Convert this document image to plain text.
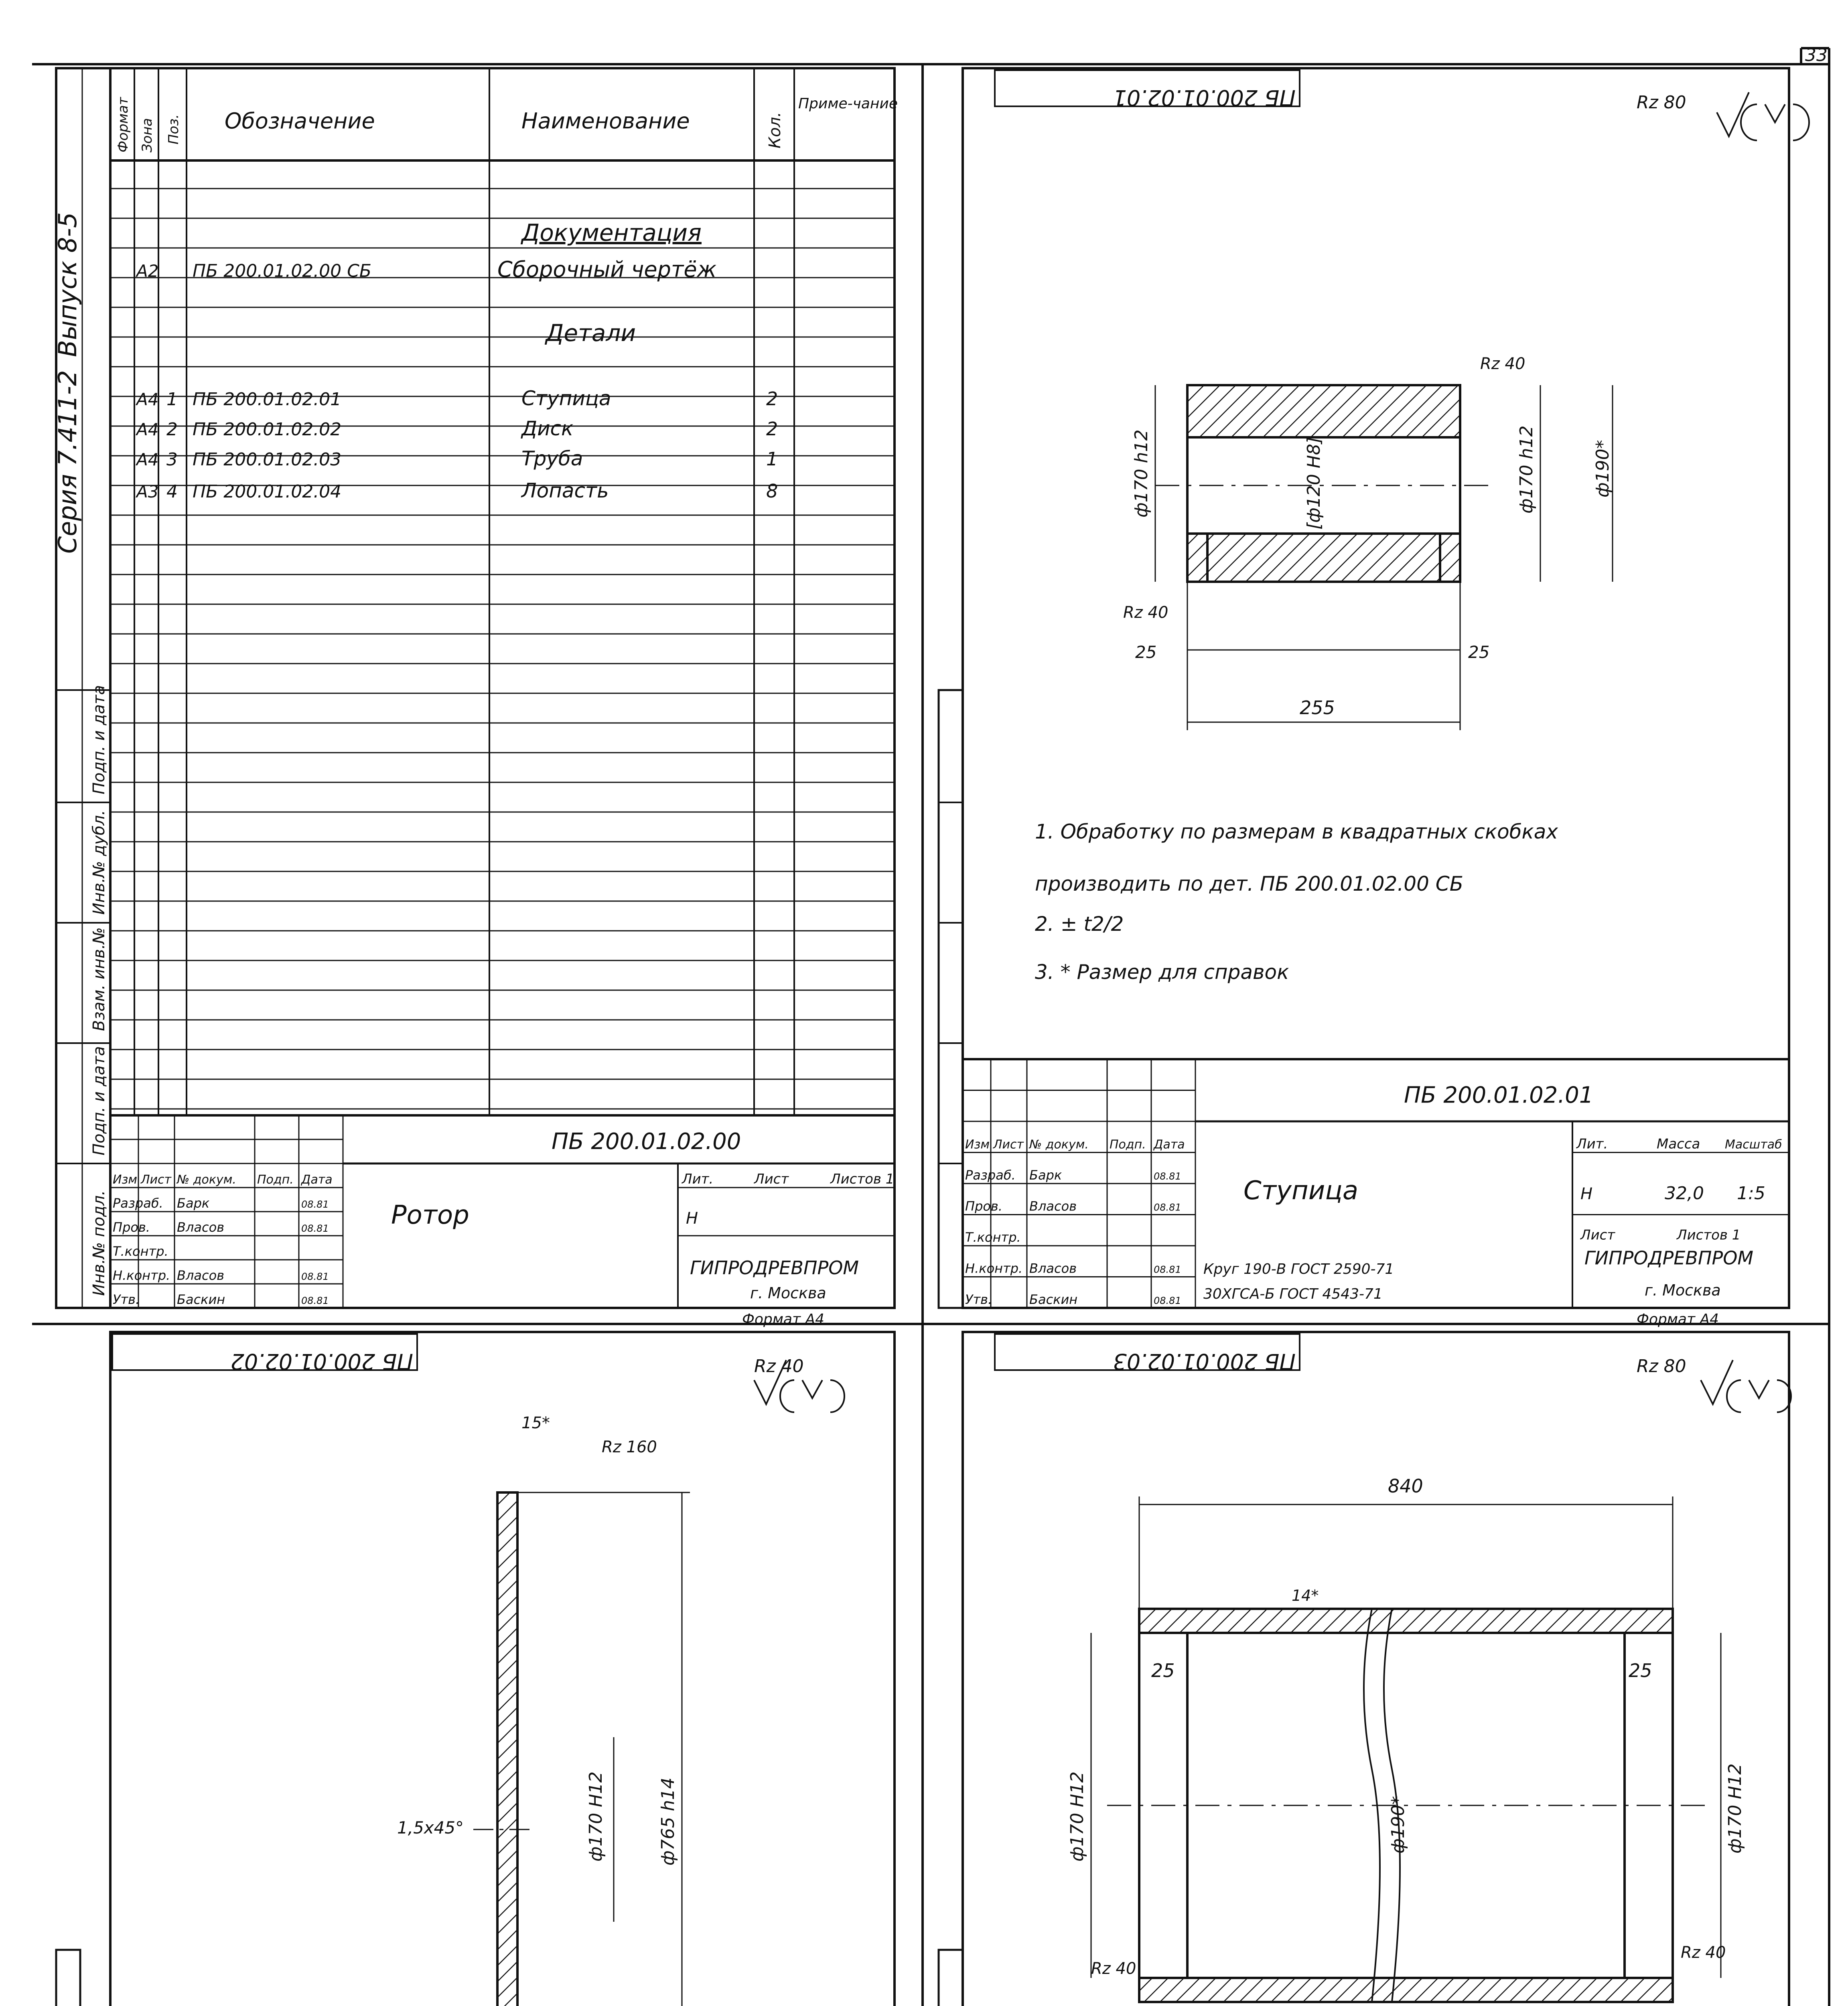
33
Выпуск 8-5
Серия 7.411-2
Инв.№ подл.
Подп. и дата
Взам. инв.№
Инв.№ дубл.
Подп. и дата
Формат Зона Поз. Обозначение	Наименование	Кол.
Приме-чание
Документация
А2 ПБ 200.01.02.00 СБ	Сборочный чертёж
Детали
А4 1 ПБ 200.01.02.01	Ступица	2
А4 2 ПБ 200.01.02.02	Диск	2
А4 3 ПБ 200.01.02.03	Труба	1
А3 4 ПБ 200.01.02.04	Лопасть	8
ПБ 200.01.02.01	Rz 80
ф170 h12	[ф120 Н8]	ф170 h12	ф190*
Rz 40
Rz 40
25	25
255
1. Обработку по размерам в квадратных скобках
производить по дет. ПБ 200.01.02.00 СБ
2. ± t2/2
3. * Размер для справок
ПБ 200.01.02.02	Rz 40
15*
Rz 160
ф170 Н12	ф765 h14
1,5х45°
ПБ 200.01.02.03	Rz 80
840
14*
25	25
ф170 Н12	ф190*	ф170 Н12
Rz 40
Rz 40
Изм Лист № докум. Подп. Дата
Разраб. Барк	08.81
Пров. Власов	08.81
Т.контр.
Н.контр. Власов	08.81
Утв.	Баскин	08.81
ПБ 200.01.02.00
Ротор
Лит.
Н
Лист	Листов 1
ГИПРОДРЕВПРОМ
г. Москва
Формат А4
Изм Лист № докум. Подп. Дата
Разраб. Барк	08.81
Пров. Власов	08.81
Т.контр.
Н.контр. Власов	08.81
Утв.	Баскин	08.81
ПБ 200.01.02.01
Ступица
Лит.
Н
Масса Масштаб
32,0 1:5
Лист	Листов 1
Круг 190-В ГОСТ 2590-71
30ХГСА-Б ГОСТ 4543-71
ГИПРОДРЕВПРОМ
г. Москва
Формат А4
